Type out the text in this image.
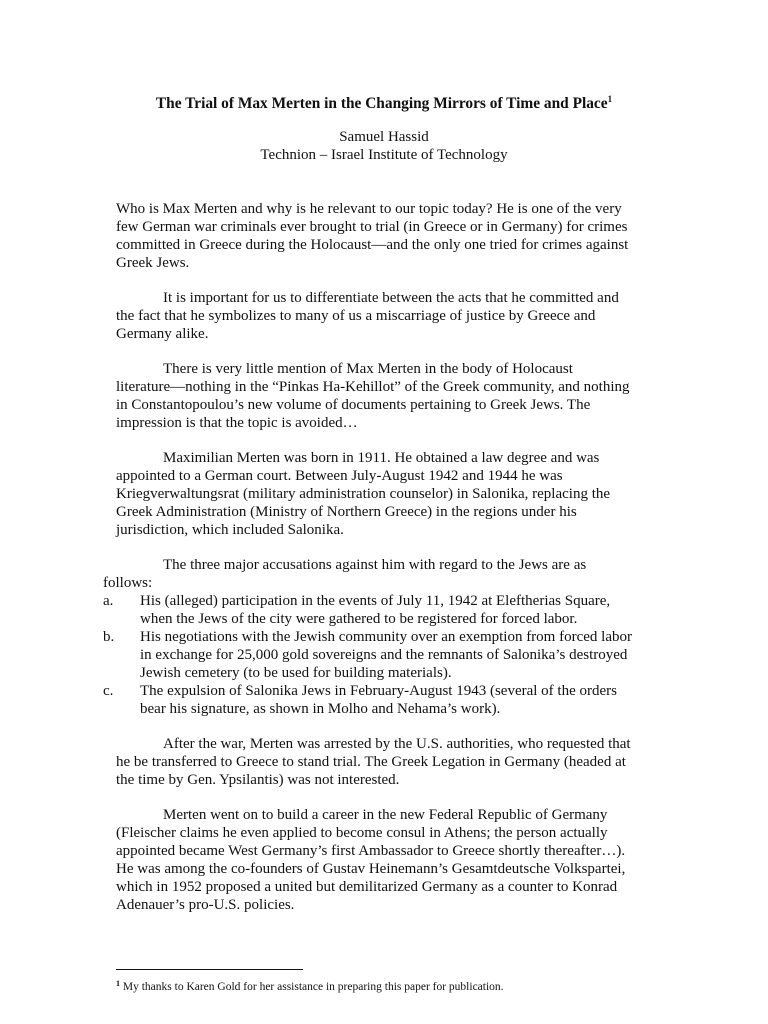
The Trial of Max Merten in the Changing Mirrors of Time and Place$^1$
Samuel Hassid
Technion – Israel Institute of Technology
Who is Max Merten and why is he relevant to our topic today? He is one of the very
few German war criminals ever brought to trial (in Greece or in Germany) for crimes
committed in Greece during the Holocaust—and the only one tried for crimes against
Greek Jews.
It is important for us to differentiate between the acts that he committed and
the fact that he symbolizes to many of us a miscarriage of justice by Greece and
Germany alike.
There is very little mention of Max Merten in the body of Holocaust
literature—nothing in the “Pinkas Ha-Kehillot” of the Greek community, and nothing
in Constantopoulou’s new volume of documents pertaining to Greek Jews. The
impression is that the topic is avoided…
Maximilian Merten was born in 1911. He obtained a law degree and was
appointed to a German court. Between July-August 1942 and 1944 he was
Kriegverwaltungsrat (military administration counselor) in Salonika, replacing the
Greek Administration (Ministry of Northern Greece) in the regions under his
jurisdiction, which included Salonika.
The three major accusations against him with regard to the Jews are as
follows:
a. His (alleged) participation in the events of July 11, 1942 at Eleftherias Square,
when the Jews of the city were gathered to be registered for forced labor.
b. His negotiations with the Jewish community over an exemption from forced labor
in exchange for 25,000 gold sovereigns and the remnants of Salonika’s destroyed
Jewish cemetery (to be used for building materials).
c. The expulsion of Salonika Jews in February-August 1943 (several of the orders
bear his signature, as shown in Molho and Nehama’s work).
After the war, Merten was arrested by the U.S. authorities, who requested that
he be transferred to Greece to stand trial. The Greek Legation in Germany (headed at
the time by Gen. Ypsilantis) was not interested.
Merten went on to build a career in the new Federal Republic of Germany
(Fleischer claims he even applied to become consul in Athens; the person actually
appointed became West Germany’s first Ambassador to Greece shortly thereafter…).
He was among the co-founders of Gustav Heinemann’s Gesamtdeutsche Volkspartei,
which in 1952 proposed a united but demilitarized Germany as a counter to Konrad
Adenauer’s pro-U.S. policies.
$^1$ My thanks to Karen Gold for her assistance in preparing this paper for publication.
